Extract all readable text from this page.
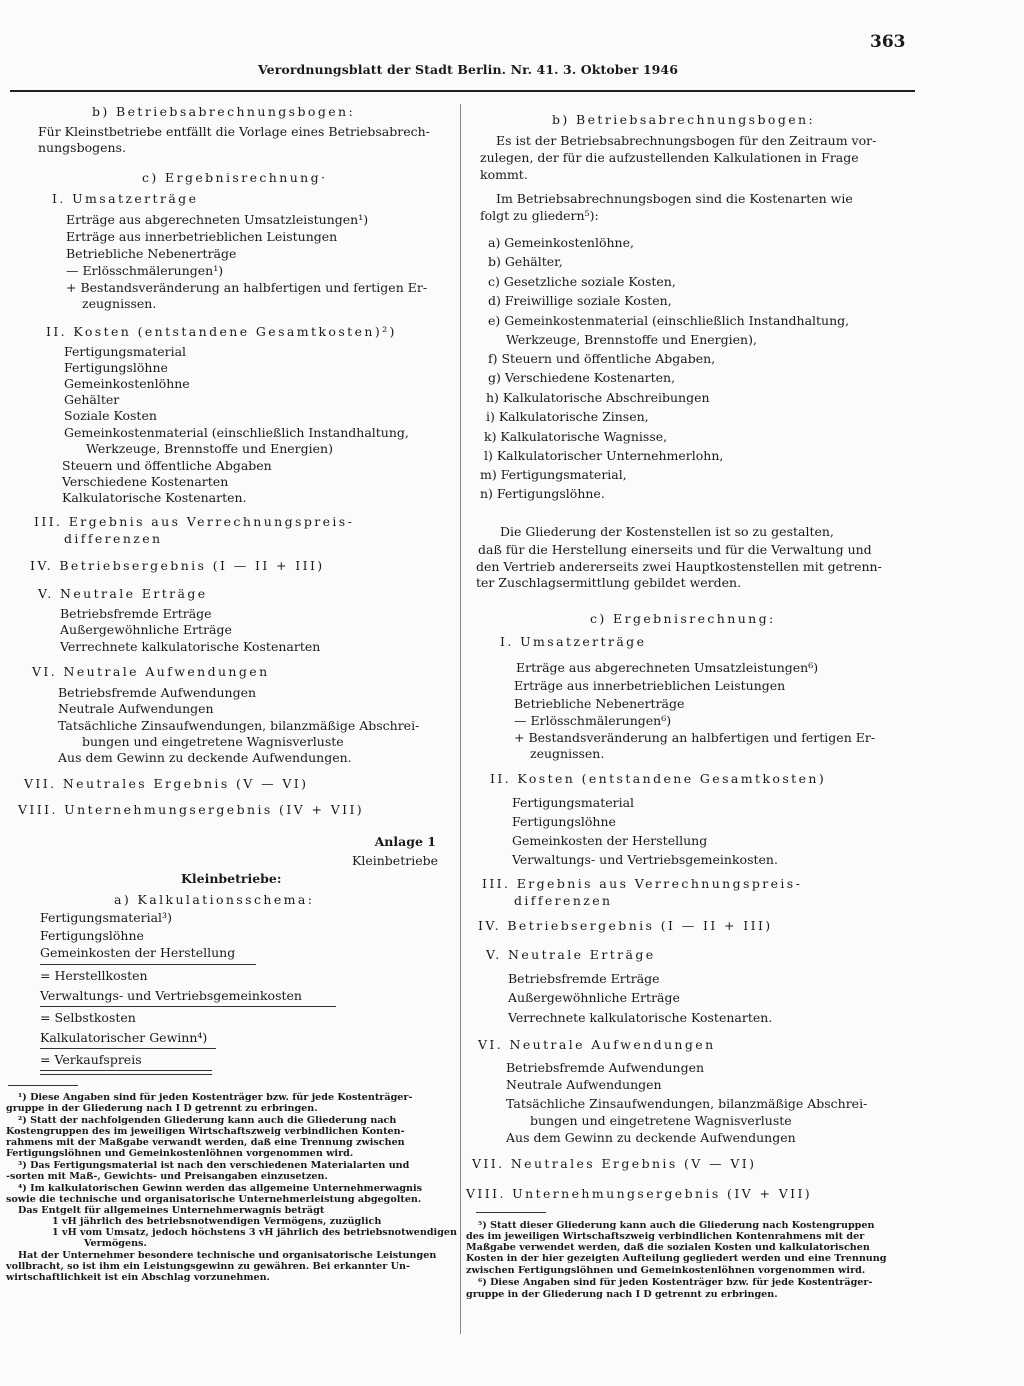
363
Verordnungsblatt der Stadt Berlin. Nr. 41. 3. Oktober 1946
b) Betriebsabrechnungsbogen:
Für Kleinstbetriebe entfällt die Vorlage eines Betriebsabrech-
nungsbogens.
c) Ergebnisrechnung·
I. Umsatzerträge
Erträge aus abgerechneten Umsatzleistungen¹)
Erträge aus innerbetrieblichen Leistungen
Betriebliche Nebenerträge
— Erlösschmälerungen¹)
+ Bestandsveränderung an halbfertigen und fertigen Er-
zeugnissen.
II. Kosten (entstandene Gesamtkosten)²)
Fertigungsmaterial
Fertigungslöhne
Gemeinkostenlöhne
Gehälter
Soziale Kosten
Gemeinkostenmaterial (einschließlich Instandhaltung,
Werkzeuge, Brennstoffe und Energien)
Steuern und öffentliche Abgaben
Verschiedene Kostenarten
Kalkulatorische Kostenarten.
III. Ergebnis aus Verrechnungspreis-
differenzen
IV. Betriebsergebnis (I — II + III)
V. Neutrale Erträge
Betriebsfremde Erträge
Außergewöhnliche Erträge
Verrechnete kalkulatorische Kostenarten
VI. Neutrale Aufwendungen
Betriebsfremde Aufwendungen
Neutrale Aufwendungen
Tatsächliche Zinsaufwendungen, bilanzmäßige Abschrei-
bungen und eingetretene Wagnisverluste
Aus dem Gewinn zu deckende Aufwendungen.
VII. Neutrales Ergebnis (V — VI)
VIII. Unternehmungsergebnis (IV + VII)
Anlage 1
Kleinbetriebe
Kleinbetriebe:
a) Kalkulationsschema:
Fertigungsmaterial³)
Fertigungslöhne
Gemeinkosten der Herstellung
= Herstellkosten
Verwaltungs- und Vertriebsgemeinkosten
= Selbstkosten
Kalkulatorischer Gewinn⁴)
= Verkaufspreis
¹) Diese Angaben sind für jeden Kostenträger bzw. für jede Kostenträger-
gruppe in der Gliederung nach I D getrennt zu erbringen.
²) Statt der nachfolgenden Gliederung kann auch die Gliederung nach
Kostengruppen des im jeweiligen Wirtschaftszweig verbindlichen Konten-
rahmens mit der Maßgabe verwandt werden, daß eine Trennung zwischen
Fertigungslöhnen und Gemeinkostenlöhnen vorgenommen wird.
³) Das Fertigungsmaterial ist nach den verschiedenen Materialarten und
-sorten mit Maß-, Gewichts- und Preisangaben einzusetzen.
⁴) Im kalkulatorischen Gewinn werden das allgemeine Unternehmerwagnis
sowie die technische und organisatorische Unternehmerleistung abgegolten.
Das Entgelt für allgemeines Unternehmerwagnis beträgt
1 vH jährlich des betriebsnotwendigen Vermögens, zuzüglich
1 vH vom Umsatz, jedoch höchstens 3 vH jährlich des betriebsnotwendigen
Vermögens.
Hat der Unternehmer besondere technische und organisatorische Leistungen
vollbracht, so ist ihm ein Leistungsgewinn zu gewähren. Bei erkannter Un-
wirtschaftlichkeit ist ein Abschlag vorzunehmen.
b) Betriebsabrechnungsbogen:
Es ist der Betriebsabrechnungsbogen für den Zeitraum vor-
zulegen, der für die aufzustellenden Kalkulationen in Frage
kommt.
Im Betriebsabrechnungsbogen sind die Kostenarten wie
folgt zu gliedern⁵):
a) Gemeinkostenlöhne,
b) Gehälter,
c) Gesetzliche soziale Kosten,
d) Freiwillige soziale Kosten,
e) Gemeinkostenmaterial (einschließlich Instandhaltung,
Werkzeuge, Brennstoffe und Energien),
f) Steuern und öffentliche Abgaben,
g) Verschiedene Kostenarten,
h) Kalkulatorische Abschreibungen
i) Kalkulatorische Zinsen,
k) Kalkulatorische Wagnisse,
l) Kalkulatorischer Unternehmerlohn,
m) Fertigungsmaterial,
n) Fertigungslöhne.
Die Gliederung der Kostenstellen ist so zu gestalten,
daß für die Herstellung einerseits und für die Verwaltung und
den Vertrieb andererseits zwei Hauptkostenstellen mit getrenn-
ter Zuschlagsermittlung gebildet werden.
c) Ergebnisrechnung:
I. Umsatzerträge
Erträge aus abgerechneten Umsatzleistungen⁶)
Erträge aus innerbetrieblichen Leistungen
Betriebliche Nebenerträge
— Erlösschmälerungen⁶)
+ Bestandsveränderung an halbfertigen und fertigen Er-
zeugnissen.
II. Kosten (entstandene Gesamtkosten)
Fertigungsmaterial
Fertigungslöhne
Gemeinkosten der Herstellung
Verwaltungs- und Vertriebsgemeinkosten.
III. Ergebnis aus Verrechnungspreis-
differenzen
IV. Betriebsergebnis (I — II + III)
V. Neutrale Erträge
Betriebsfremde Erträge
Außergewöhnliche Erträge
Verrechnete kalkulatorische Kostenarten.
VI. Neutrale Aufwendungen
Betriebsfremde Aufwendungen
Neutrale Aufwendungen
Tatsächliche Zinsaufwendungen, bilanzmäßige Abschrei-
bungen und eingetretene Wagnisverluste
Aus dem Gewinn zu deckende Aufwendungen
VII. Neutrales Ergebnis (V — VI)
VIII. Unternehmungsergebnis (IV + VII)
⁵) Statt dieser Gliederung kann auch die Gliederung nach Kostengruppen
des im jeweiligen Wirtschaftszweig verbindlichen Kontenrahmens mit der
Maßgabe verwendet werden, daß die sozialen Kosten und kalkulatorischen
Kosten in der hier gezeigten Aufteilung gegliedert werden und eine Trennung
zwischen Fertigungslöhnen und Gemeinkostenlöhnen vorgenommen wird.
⁶) Diese Angaben sind für jeden Kostenträger bzw. für jede Kostenträger-
gruppe in der Gliederung nach I D getrennt zu erbringen.
